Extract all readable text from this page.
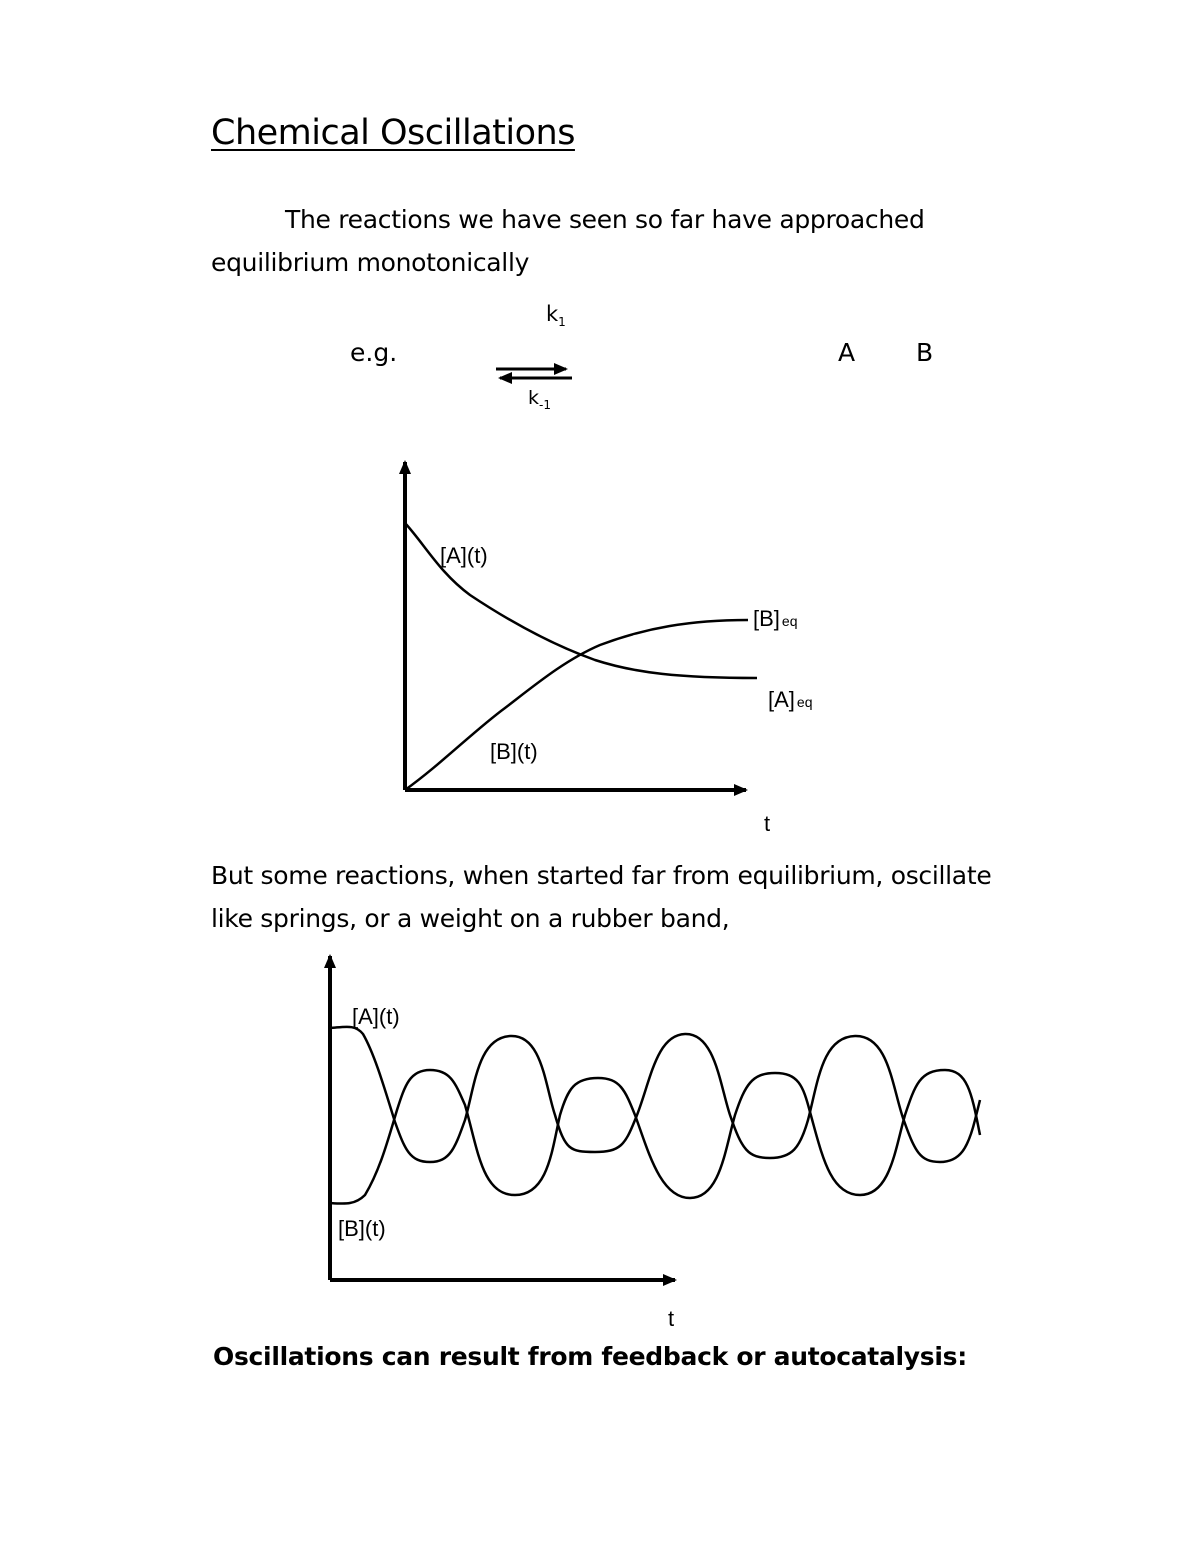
Chemical Oscillations
The reactions we have seen so far have approached
equilibrium monotonically
e.g.
$k_1$
$k_{-1}$
A B
[A](t)
[B](t)
[B] eq
[A] eq
t
[A](t)
[B](t)
t
But some reactions, when started far from equilibrium, oscillate
like springs, or a weight on a rubber band,
Oscillations can result from feedback or autocatalysis:
